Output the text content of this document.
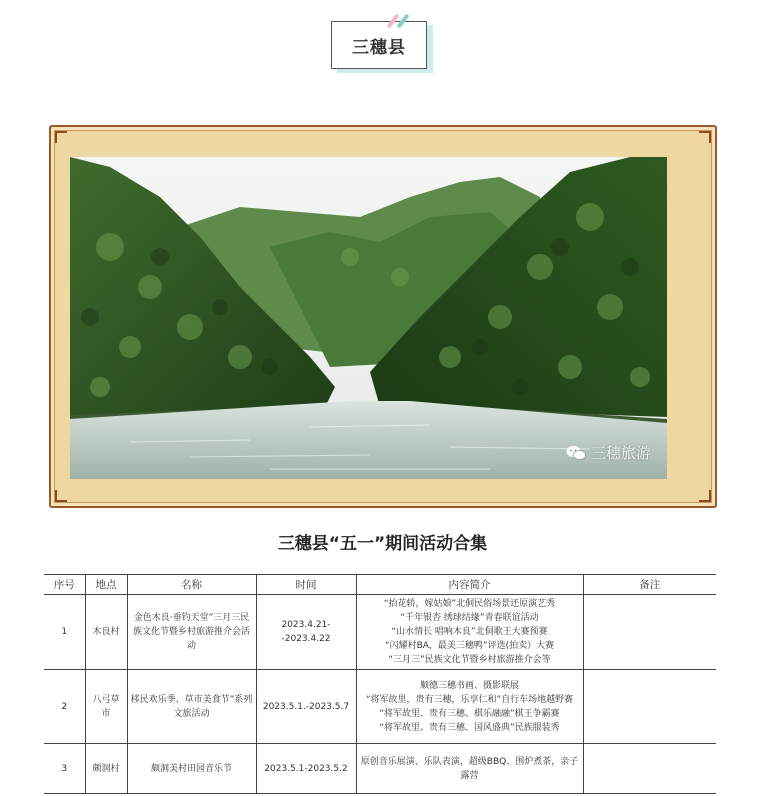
三穗县
三穗旅游
三穗县“五一”期间活动合集
序号	地点	名称	时间	内容简介	备注
1	木良村	金色木良·垂钓天堂”三月三民族文化节暨乡村旅游推介会活动	2023.4.21--2023.4.22	“抬花轿，嫁姑娘”北侗民俗场景还原演艺秀
“千年银杏 绣球结缘”青春联谊活动
“山水情长 唱响木良”北侗歌王大赛预赛
“闪耀村BA，最美三穗鸭”评选(拍卖）大赛
“三月三”民族文化节暨乡村旅游推介会等	

2	八弓草市	移民欢乐季、草市美食节”系列文旅活动	2023.5.1.-2023.5.7	顺德三穗书画、摄影联展
“将军故里，贵有三穗，乐享仁和”自行车场地越野赛
“将军故里、贵有三穗、棋乐融融”棋王争霸赛
“将军故里、贵有三穗、国风盛典”民族服装秀	

3	颇洞村	颇洞美村田园音乐节	2023.5.1-2023.5.2	原创音乐展演、乐队表演，超级BBQ、围炉煮茶，亲子露营	
